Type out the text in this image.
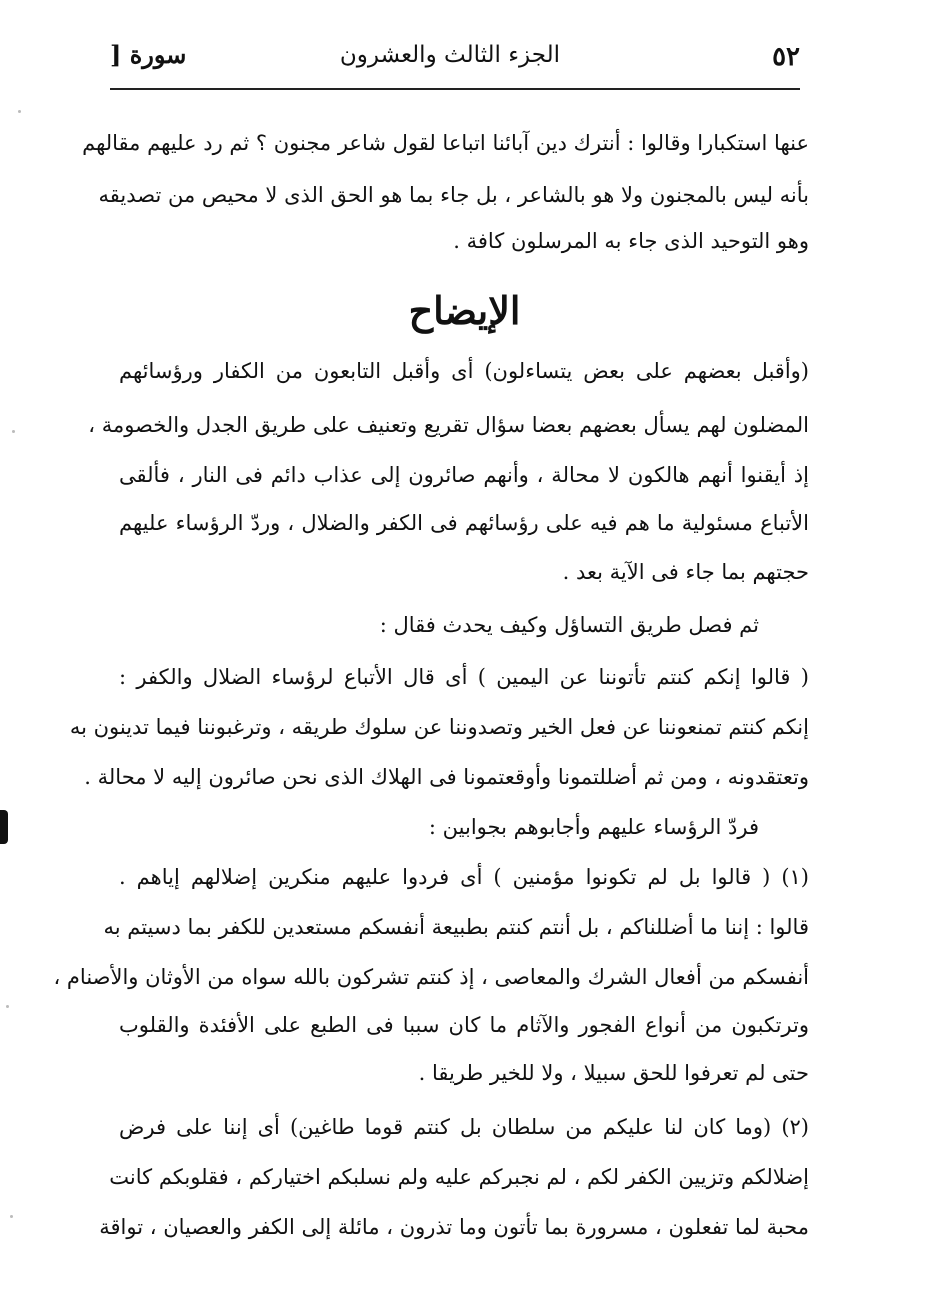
٥٢
الجزء الثالث والعشرون
سورة [
عنها استكبارا وقالوا : أنترك دين آبائنا اتباعا لقول شاعر مجنون ؟ ثم رد عليهم مقالهم
بأنه ليس بالمجنون ولا هو بالشاعر ، بل جاء بما هو الحق الذى لا محيص من تصديقه
وهو التوحيد الذى جاء به المرسلون كافة .
الإيضاح
(وأقبل بعضهم على بعض يتساءلون) أى وأقبل التابعون من الكفار ورؤسائهم
المضلون لهم يسأل بعضهم بعضا سؤال تقريع وتعنيف على طريق الجدل والخصومة ،
إذ أيقنوا أنهم هالكون لا محالة ، وأنهم صائرون إلى عذاب دائم فى النار ، فألقى
الأتباع مسئولية ما هم فيه على رؤسائهم فى الكفر والضلال ، وردّ الرؤساء عليهم
حجتهم بما جاء فى الآية بعد .
ثم فصل طريق التساؤل وكيف يحدث فقال :
( قالوا إنكم كنتم تأتوننا عن اليمين ) أى قال الأتباع لرؤساء الضلال والكفر :
إنكم كنتم تمنعوننا عن فعل الخير وتصدوننا عن سلوك طريقه ، وترغبوننا فيما تدينون به
وتعتقدونه ، ومن ثم أضللتمونا وأوقعتمونا فى الهلاك الذى نحن صائرون إليه لا محالة .
فردّ الرؤساء عليهم وأجابوهم بجوابين :
(١) ( قالوا بل لم تكونوا مؤمنين ) أى فردوا عليهم منكرين إضلالهم إياهم .
قالوا : إننا ما أضللناكم ، بل أنتم كنتم بطبيعة أنفسكم مستعدين للكفر بما دسيتم به
أنفسكم من أفعال الشرك والمعاصى ، إذ كنتم تشركون بالله سواه من الأوثان والأصنام ،
وترتكبون من أنواع الفجور والآثام ما كان سببا فى الطبع على الأفئدة والقلوب
حتى لم تعرفوا للحق سبيلا ، ولا للخير طريقا .
(٢) (وما كان لنا عليكم من سلطان بل كنتم قوما طاغين) أى إننا على فرض
إضلالكم وتزيين الكفر لكم ، لم نجبركم عليه ولم نسلبكم اختياركم ، فقلوبكم كانت
محبة لما تفعلون ، مسرورة بما تأتون وما تذرون ، مائلة إلى الكفر والعصيان ، تواقة
